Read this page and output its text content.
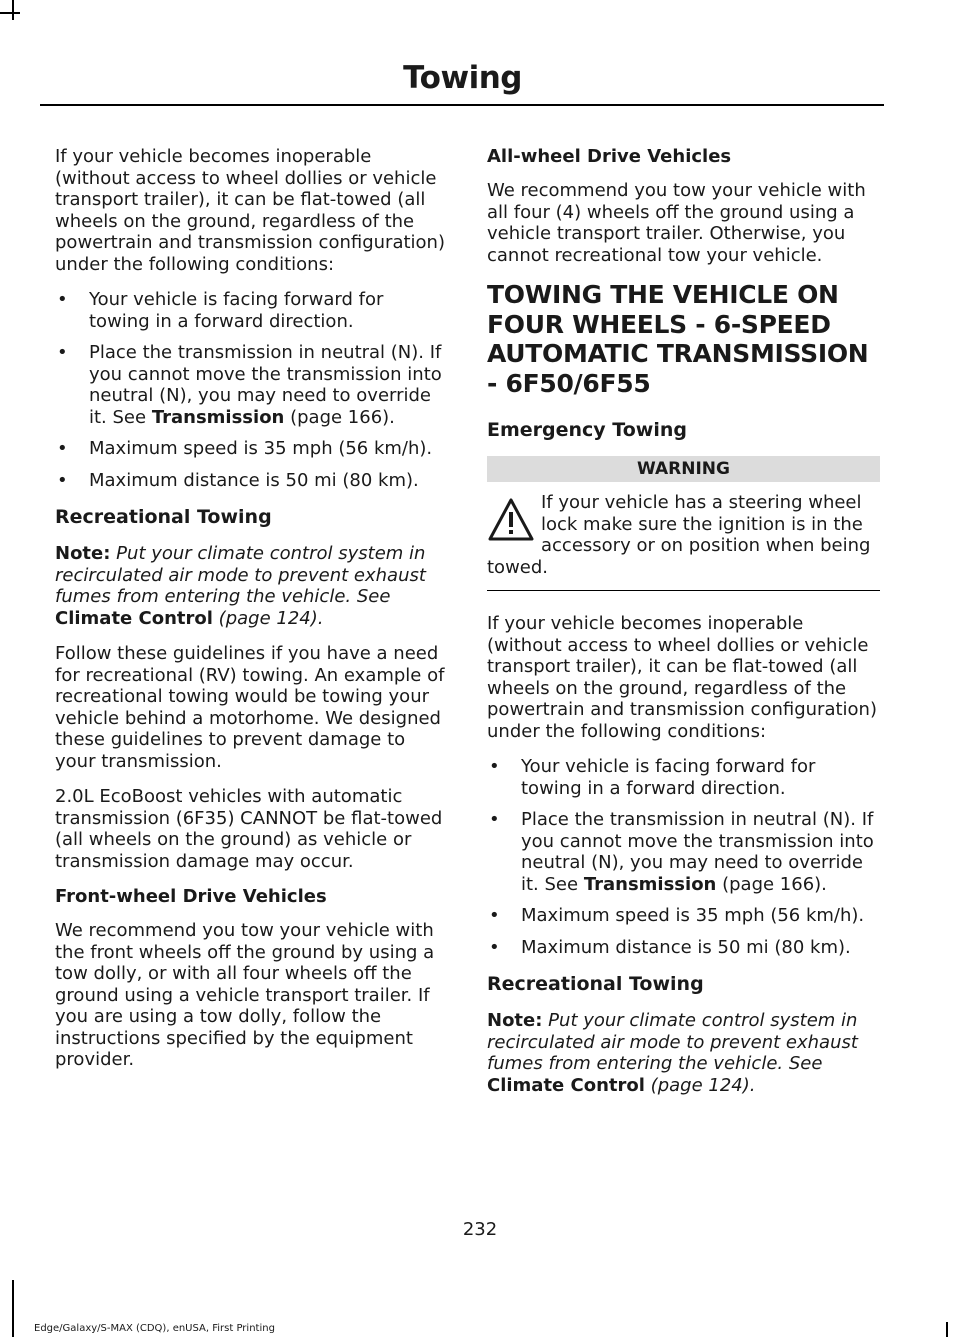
Towing

If your vehicle becomes inoperable (without access to wheel dollies or vehicle transport trailer), it can be flat-towed (all wheels on the ground, regardless of the powertrain and transmission configuration) under the following conditions:

• Your vehicle is facing forward for towing in a forward direction.
• Place the transmission in neutral (N). If you cannot move the transmission into neutral (N), you may need to override it. See Transmission (page 166).
• Maximum speed is 35 mph (56 km/h).
• Maximum distance is 50 mi (80 km).
Recreational Towing

Note: Put your climate control system in recirculated air mode to prevent exhaust fumes from entering the vehicle. See Climate Control (page 124).

Follow these guidelines if you have a need for recreational (RV) towing. An example of recreational towing would be towing your vehicle behind a motorhome. We designed these guidelines to prevent damage to your transmission.

2.0L EcoBoost vehicles with automatic transmission (6F35) CANNOT be flat-towed (all wheels on the ground) as vehicle or transmission damage may occur.

Front-wheel Drive Vehicles

We recommend you tow your vehicle with the front wheels off the ground by using a tow dolly, or with all four wheels off the ground using a vehicle transport trailer. If you are using a tow dolly, follow the instructions specified by the equipment provider.

All-wheel Drive Vehicles

We recommend you tow your vehicle with all four (4) wheels off the ground using a vehicle transport trailer. Otherwise, you cannot recreational tow your vehicle.

TOWING THE VEHICLE ON FOUR WHEELS - 6-SPEED AUTOMATIC TRANSMISSION - 6F50/6F55
Emergency Towing
WARNING
If your vehicle has a steering wheel lock make sure the ignition is in the accessory or on position when being towed.

If your vehicle becomes inoperable (without access to wheel dollies or vehicle transport trailer), it can be flat-towed (all wheels on the ground, regardless of the powertrain and transmission configuration) under the following conditions:

• Your vehicle is facing forward for towing in a forward direction.
• Place the transmission in neutral (N). If you cannot move the transmission into neutral (N), you may need to override it. See Transmission (page 166).
• Maximum speed is 35 mph (56 km/h).
• Maximum distance is 50 mi (80 km).
Recreational Towing

Note: Put your climate control system in recirculated air mode to prevent exhaust fumes from entering the vehicle. See Climate Control (page 124).

232

Edge/Galaxy/S-MAX (CDQ), enUSA, First Printing
